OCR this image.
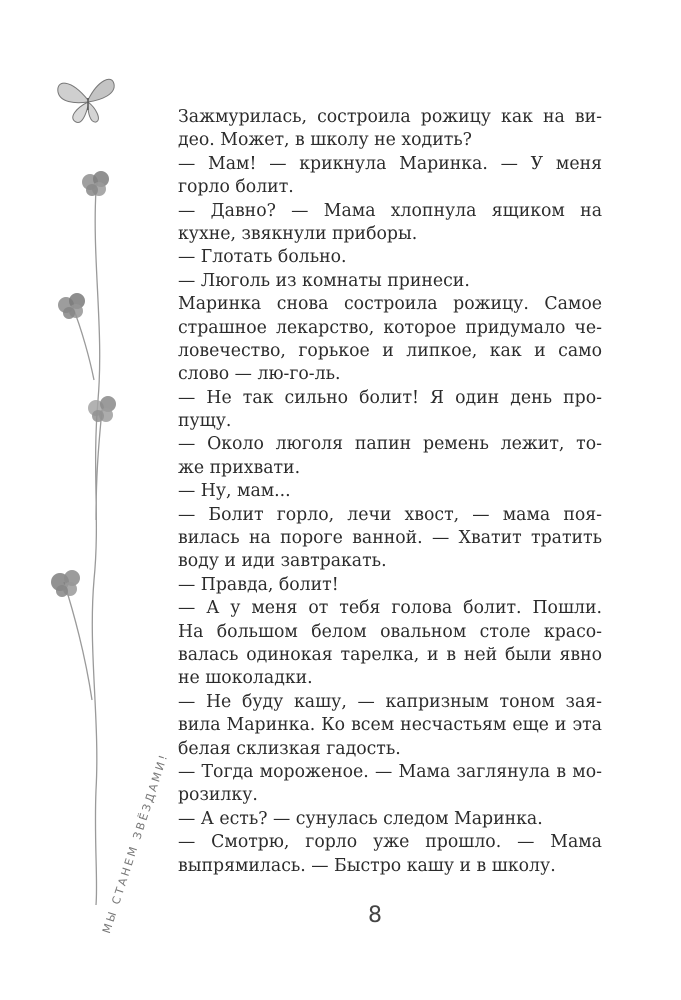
МЫ СТАНЕМ ЗВЁЗДАМИ!
Зажмурилась, состроила рожицу как на ви-
део. Может, в школу не ходить?
— Мам! — крикнула Маринка. — У меня
горло болит.
— Давно? — Мама хлопнула ящиком на
кухне, звякнули приборы.
— Глотать больно.
— Люголь из комнаты принеси.
Маринка снова состроила рожицу. Самое
страшное лекарство, которое придумало че-
ловечество, горькое и липкое, как и само
слово — лю-го-ль.
— Не так сильно болит! Я один день про-
пущу.
— Около люголя папин ремень лежит, то-
же прихвати.
— Ну, мам...
— Болит горло, лечи хвост, — мама поя-
вилась на пороге ванной. — Хватит тратить
воду и иди завтракать.
— Правда, болит!
— А у меня от тебя голова болит. Пошли.
На большом белом овальном столе красо-
валась одинокая тарелка, и в ней были явно
не шоколадки.
— Не буду кашу, — капризным тоном зая-
вила Маринка. Ко всем несчастьям еще и эта
белая склизкая гадость.
— Тогда мороженое. — Мама заглянула в мо-
розилку.
— А есть? — сунулась следом Маринка.
— Смотрю, горло уже прошло. — Мама
выпрямилась. — Быстро кашу и в школу.
8
